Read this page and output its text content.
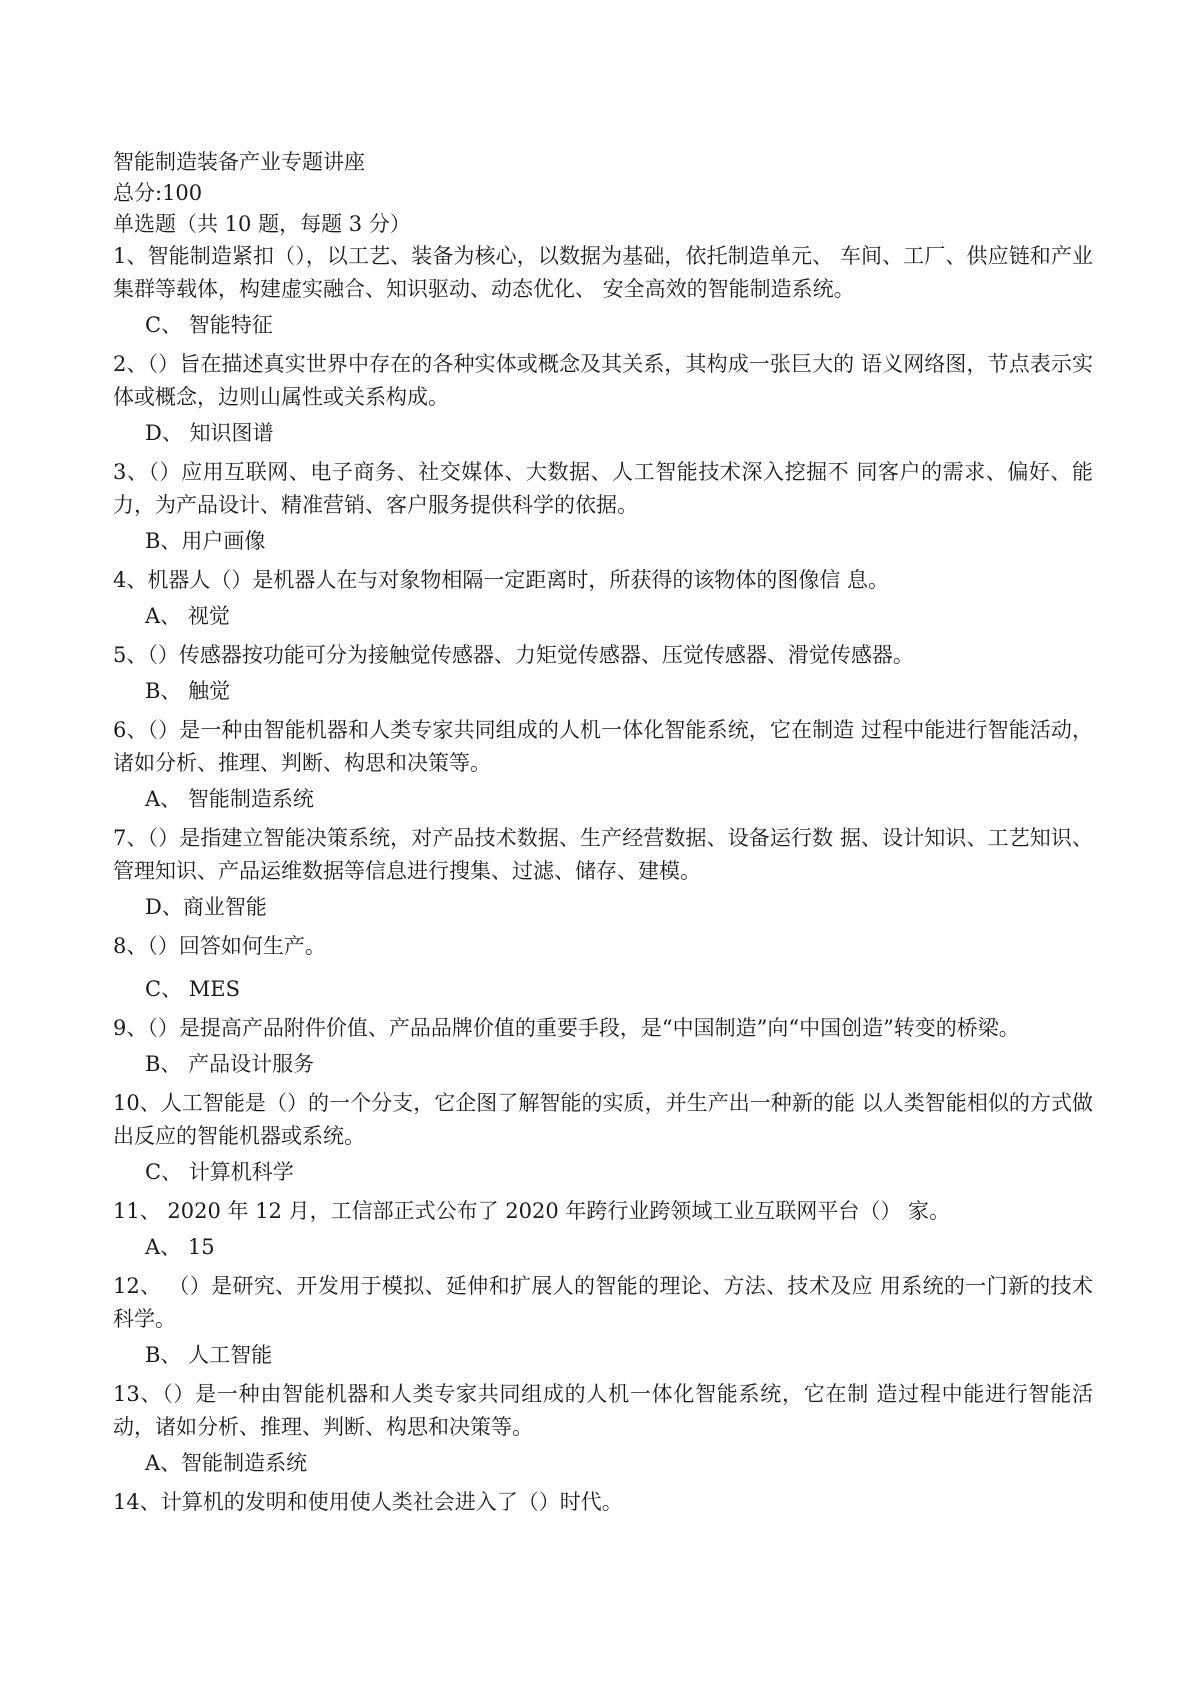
智能制造装备产业专题讲座
总分:100
单选题（共 10 题，每题 3 分）

1、智能制造紧扣（），以工艺、装备为核心，以数据为基础，依托制造单元、 车间、工厂、供应链和产业集群等载体，构建虚实融合、知识驱动、动态优化、 安全高效的智能制造系统。

C、 智能特征

2、（）旨在描述真实世界中存在的各种实体或概念及其关系，其构成一张巨大的 语义网络图，节点表示实体或概念，边则山属性或关系构成。

D、 知识图谱

3、（）应用互联网、电子商务、社交媒体、大数据、人工智能技术深入挖掘不 同客户的需求、偏好、能力，为产品设计、精准营销、客户服务提供科学的依据。

B、用户画像

4、机器人（）是机器人在与对象物相隔一定距离时，所获得的该物体的图像信 息。

A、 视觉

5、（）传感器按功能可分为接触觉传感器、力矩觉传感器、压觉传感器、滑觉传感器。

B、 触觉

6、（）是一种由智能机器和人类专家共同组成的人机一体化智能系统，它在制造 过程中能进行智能活动，诸如分析、推理、判断、构思和决策等。

A、 智能制造系统

7、（）是指建立智能决策系统，对产品技术数据、生产经营数据、设备运行数 据、设计知识、工艺知识、管理知识、产品运维数据等信息进行搜集、过滤、储存、建模。

D、商业智能

8、（）回答如何生产。

C、 MES

9、（）是提高产品附件价值、产品品牌价值的重要手段，是“中国制造”向“中国创造”转变的桥梁。

B、 产品设计服务

10、人工智能是（）的一个分支，它企图了解智能的实质，并生产出一种新的能 以人类智能相似的方式做出反应的智能机器或系统。

C、 计算机科学

11、 2020 年 12 月，工信部正式公布了 2020 年跨行业跨领域工业互联网平台（） 家。

A、 15

12、 （）是研究、开发用于模拟、延伸和扩展人的智能的理论、方法、技术及应 用系统的一门新的技术科学。

B、 人工智能

13、（）是一种由智能机器和人类专家共同组成的人机一体化智能系统，它在制 造过程中能进行智能活动，诸如分析、推理、判断、构思和决策等。

A、智能制造系统

14、计算机的发明和使用使人类社会进入了（）时代。
